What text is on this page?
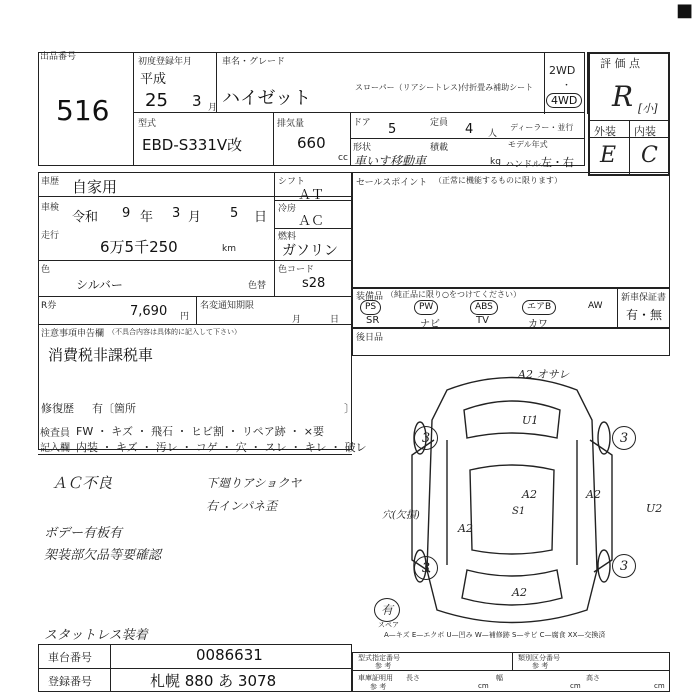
■
出品番号
516
初度登録年月	車名・グレード
平成
25 3 月 ハイゼット
スローパー（リアシートレス)付折畳み補助シート
型式
EBD-S331V改
排気量
660
cc
ドア 5	定員 4 人
ディーラー・並行
形状
車いす移動車
積載
kg
モデル年式
ハンドル 左・右
2WD
・
4WD
評 価 点
R [小]
外装 内装
E C
車歴 自家用	シフト
ＡＴ
車検
令和 9 年 3 月 5 日
冷房
ＡＣ
走行
6万5千250	km
燃料
ガソリン
色
シルバー	色替
色コード
s28
R券	7,690 円
名変通知期限
月	日
注意事項申告欄 （不具合内容は具体的に記入して下さい）
消費税非課税車
修復歴 有〔箇所	〕
セールスポイント （正常に機能するものに限ります）
装備品 （純正品に限り○をつけてください）	新車保証書
有・無
PS
SR
PW
ナビ
ABS
TV
エアB
カワ
AW
後日品
検査員 FW ・ キズ ・ 飛石 ・ ヒビ割 ・ リペア跡 ・ ×要
記入欄 内装 ・ キズ ・ 汚レ ・ コゲ ・ 穴 ・ スレ ・ キレ ・ 破レ
ＡＣ不良	下廻りアショクヤ
右インパネ歪
ボデー有板有
架装部欠品等要確認
スタットレス装着
A2 オサレ
3	3
3	3
U1
A2
S1
A2
A2
A2
U2
穴(欠損)
有
スペア
A—キズ E—エクボ U—凹み W—補修跡 S—サビ C—腐食 XX—交換済
車台番号	0086631
登録番号	札幌 880 あ 3078
型式指定番号
参 考
類別区分番号
参 考
車庫証明用
参 考
長さ
cm
幅
cm
高さ
cm
